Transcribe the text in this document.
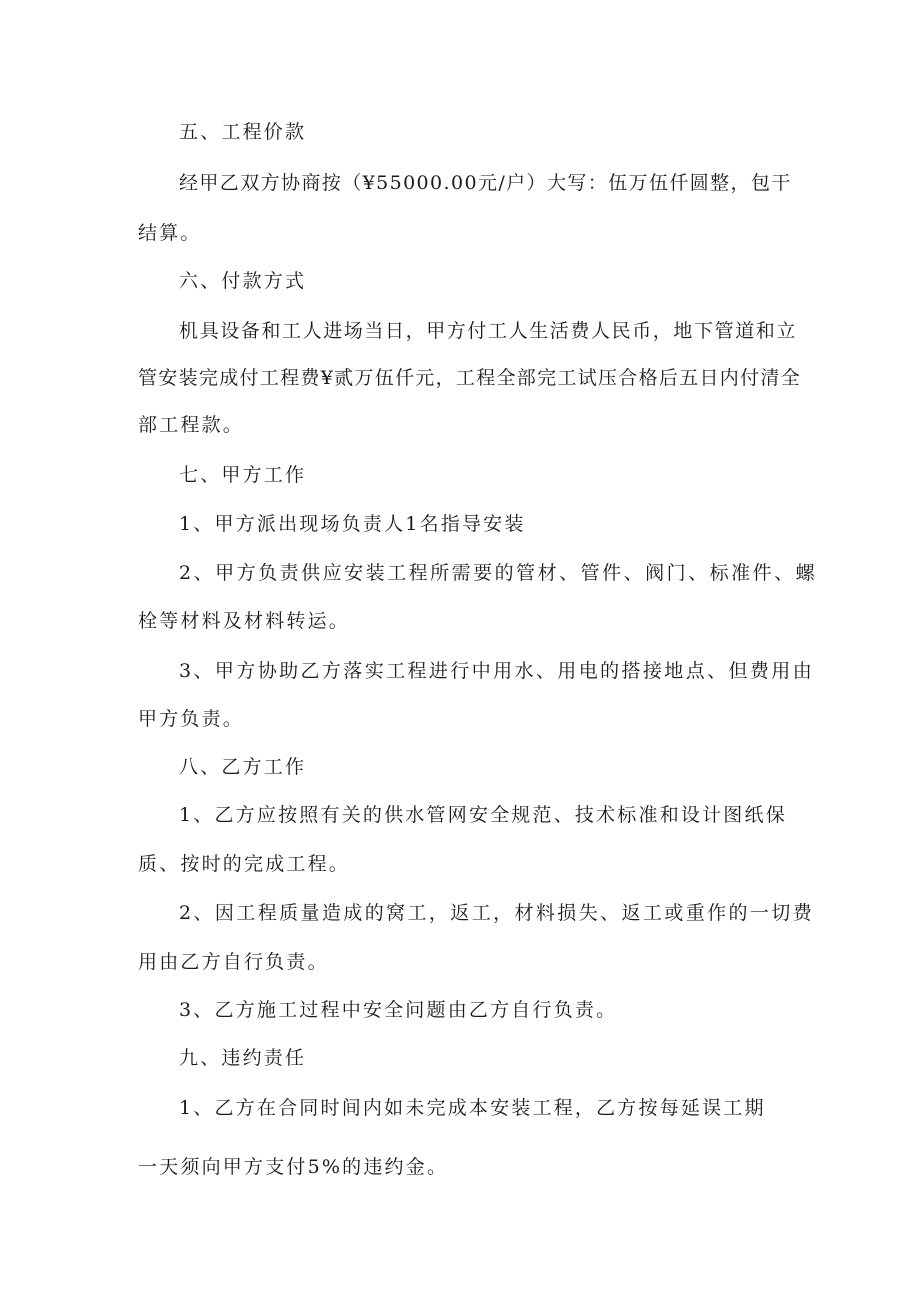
五、工程价款
经甲乙双方协商按（¥55000.00元/户）大写：伍万伍仟圆整，包干
结算。
六、付款方式
机具设备和工人进场当日，甲方付工人生活费人民币，地下管道和立
管安装完成付工程费¥贰万伍仟元，工程全部完工试压合格后五日内付清全
部工程款。
七、甲方工作
1、甲方派出现场负责人1名指导安装
2、甲方负责供应安装工程所需要的管材、管件、阀门、标准件、螺
栓等材料及材料转运。
3、甲方协助乙方落实工程进行中用水、用电的搭接地点、但费用由
甲方负责。
八、乙方工作
1、乙方应按照有关的供水管网安全规范、技术标准和设计图纸保
质、按时的完成工程。
2、因工程质量造成的窝工，返工，材料损失、返工或重作的一切费
用由乙方自行负责。
3、乙方施工过程中安全问题由乙方自行负责。
九、违约责任
1、乙方在合同时间内如未完成本安装工程，乙方按每延误工期
一天须向甲方支付5%的违约金。
